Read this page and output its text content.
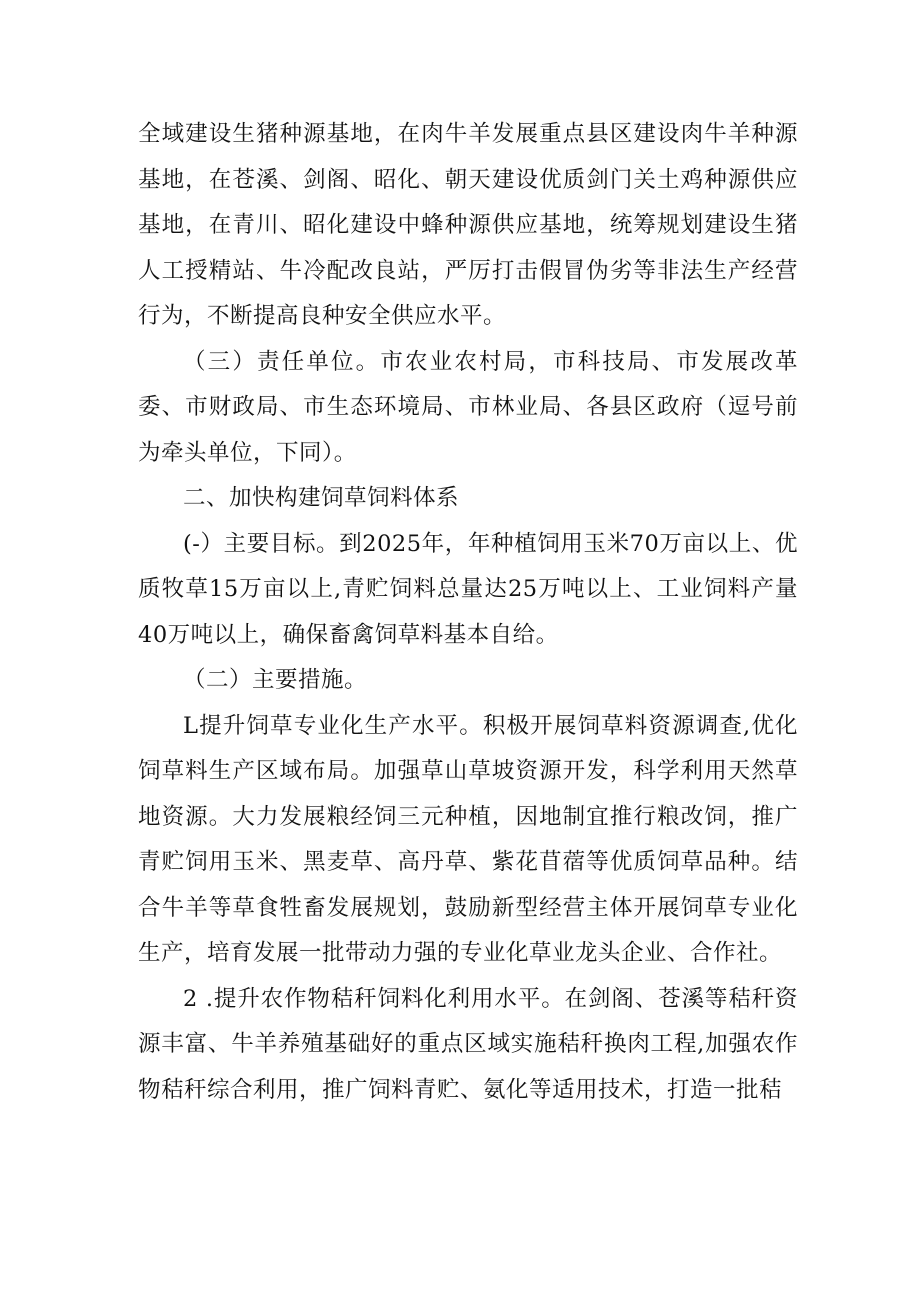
全域建设生猪种源基地，在肉牛羊发展重点县区建设肉牛羊种源基地，在苍溪、剑阁、昭化、朝天建设优质剑门关土鸡种源供应基地，在青川、昭化建设中蜂种源供应基地，统筹规划建设生猪人工授精站、牛冷配改良站，严厉打击假冒伪劣等非法生产经营行为，不断提高良种安全供应水平。

（三）责任单位。市农业农村局，市科技局、市发展改革委、市财政局、市生态环境局、市林业局、各县区政府（逗号前为牵头单位，下同）。

二、加快构建饲草饲料体系

(-）主要目标。到2025年，年种植饲用玉米70万亩以上、优质牧草15万亩以上,青贮饲料总量达25万吨以上、工业饲料产量40万吨以上，确保畜禽饲草料基本自给。

（二）主要措施。

L提升饲草专业化生产水平。积极开展饲草料资源调查,优化饲草料生产区域布局。加强草山草坡资源开发，科学利用天然草地资源。大力发展粮经饲三元种植，因地制宜推行粮改饲，推广青贮饲用玉米、黑麦草、高丹草、紫花苜蓿等优质饲草品种。结合牛羊等草食牲畜发展规划，鼓励新型经营主体开展饲草专业化生产，培育发展一批带动力强的专业化草业龙头企业、合作社。

2 .提升农作物秸秆饲料化利用水平。在剑阁、苍溪等秸秆资源丰富、牛羊养殖基础好的重点区域实施秸秆换肉工程,加强农作物秸秆综合利用，推广饲料青贮、氨化等适用技术，打造一批秸
